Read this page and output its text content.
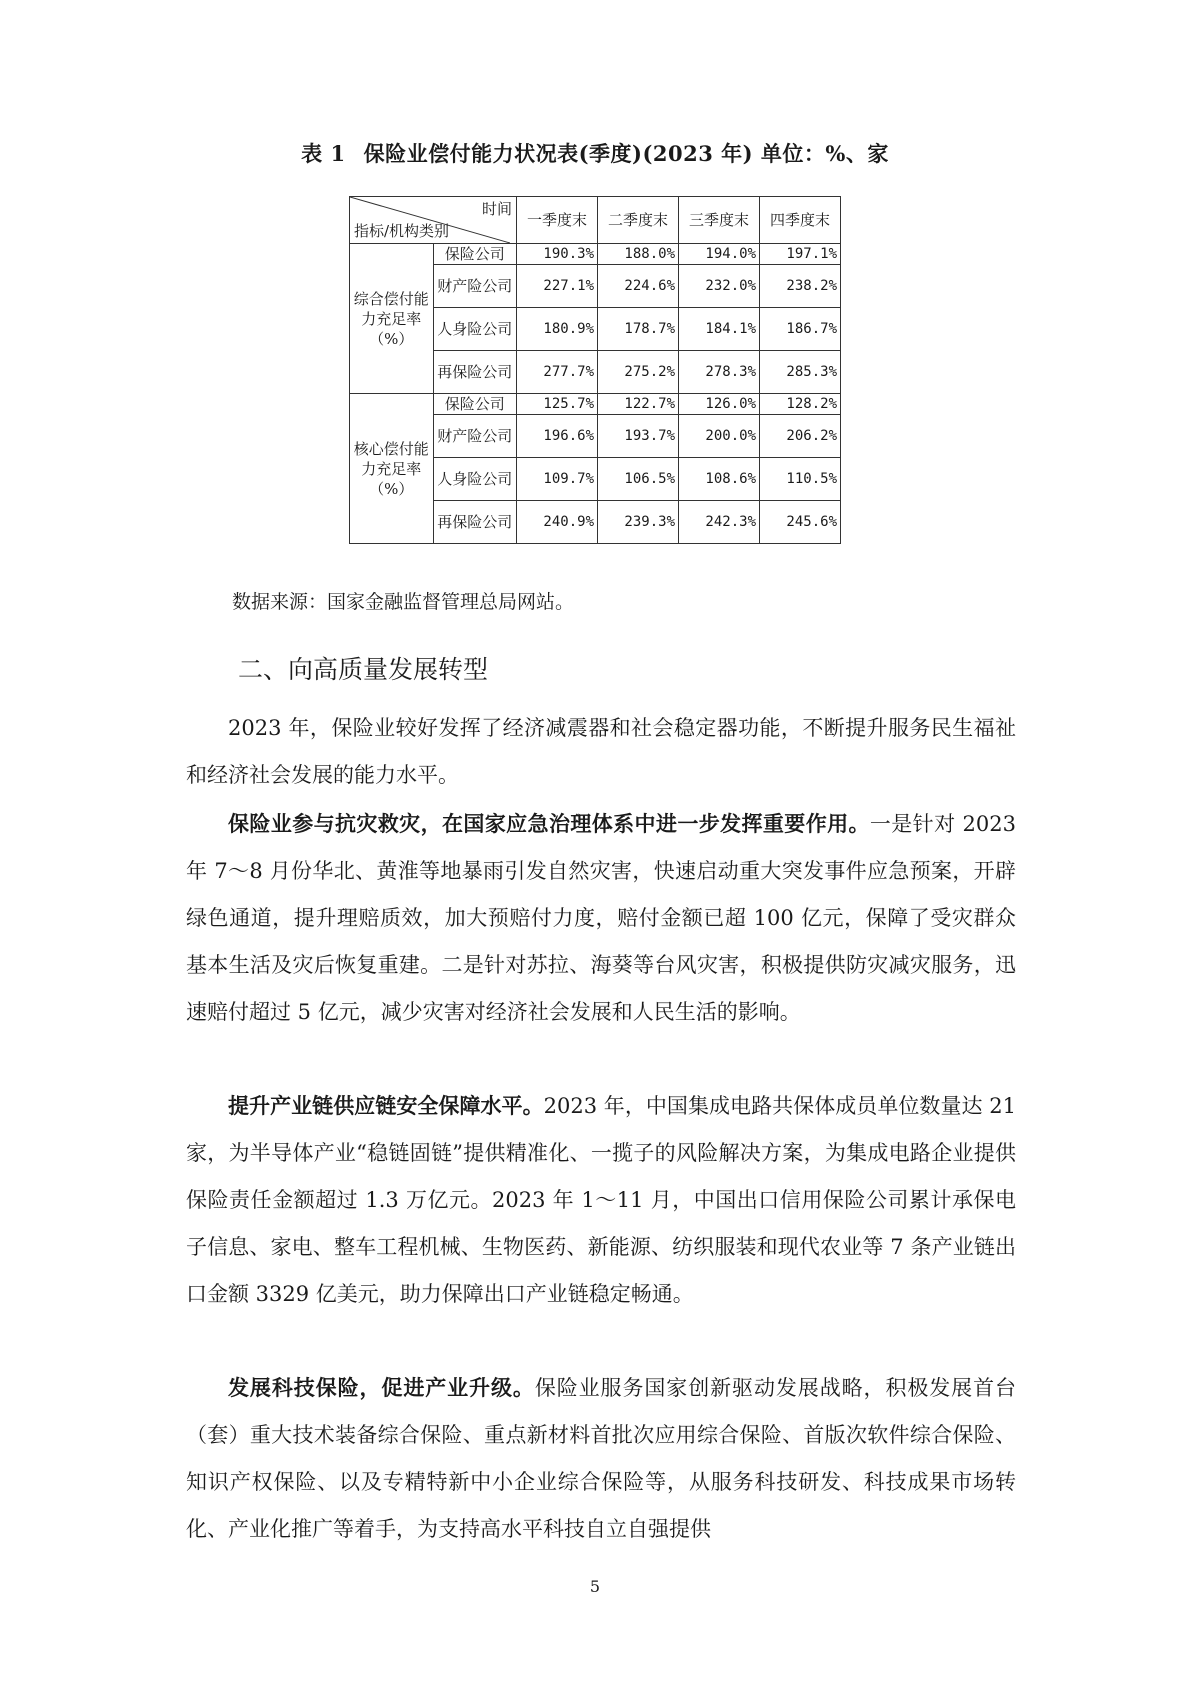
表 1 保险业偿付能力状况表(季度)(2023 年) 单位：%、家
时间
指标/机构类别		一季度末	二季度末	三季度末	四季度末
综合偿付能力充足率（%）	保险公司	190.3%	188.0%	194.0%	197.1%
	财产险公司	227.1%	224.6%	232.0%	238.2%
	人身险公司	180.9%	178.7%	184.1%	186.7%
	再保险公司	277.7%	275.2%	278.3%	285.3%
核心偿付能力充足率（%）	保险公司	125.7%	122.7%	126.0%	128.2%
	财产险公司	196.6%	193.7%	200.0%	206.2%
	人身险公司	109.7%	106.5%	108.6%	110.5%
	再保险公司	240.9%	239.3%	242.3%	245.6%
数据来源：国家金融监督管理总局网站。
二、向高质量发展转型
2023 年，保险业较好发挥了经济减震器和社会稳定器功能，不断提升服务民生福祉和经济社会发展的能力水平。
保险业参与抗灾救灾，在国家应急治理体系中进一步发挥重要作用。一是针对 2023 年 7～8 月份华北、黄淮等地暴雨引发自然灾害，快速启动重大突发事件应急预案，开辟绿色通道，提升理赔质效，加大预赔付力度，赔付金额已超 100 亿元，保障了受灾群众基本生活及灾后恢复重建。二是针对苏拉、海葵等台风灾害，积极提供防灾减灾服务，迅速赔付超过 5 亿元，减少灾害对经济社会发展和人民生活的影响。
提升产业链供应链安全保障水平。2023 年，中国集成电路共保体成员单位数量达 21 家，为半导体产业“稳链固链”提供精准化、一揽子的风险解决方案，为集成电路企业提供保险责任金额超过 1.3 万亿元。2023 年 1～11 月，中国出口信用保险公司累计承保电子信息、家电、整车工程机械、生物医药、新能源、纺织服装和现代农业等 7 条产业链出口金额 3329 亿美元，助力保障出口产业链稳定畅通。
发展科技保险，促进产业升级。保险业服务国家创新驱动发展战略，积极发展首台（套）重大技术装备综合保险、重点新材料首批次应用综合保险、首版次软件综合保险、知识产权保险、以及专精特新中小企业综合保险等，从服务科技研发、科技成果市场转化、产业化推广等着手，为支持高水平科技自立自强提供
5
